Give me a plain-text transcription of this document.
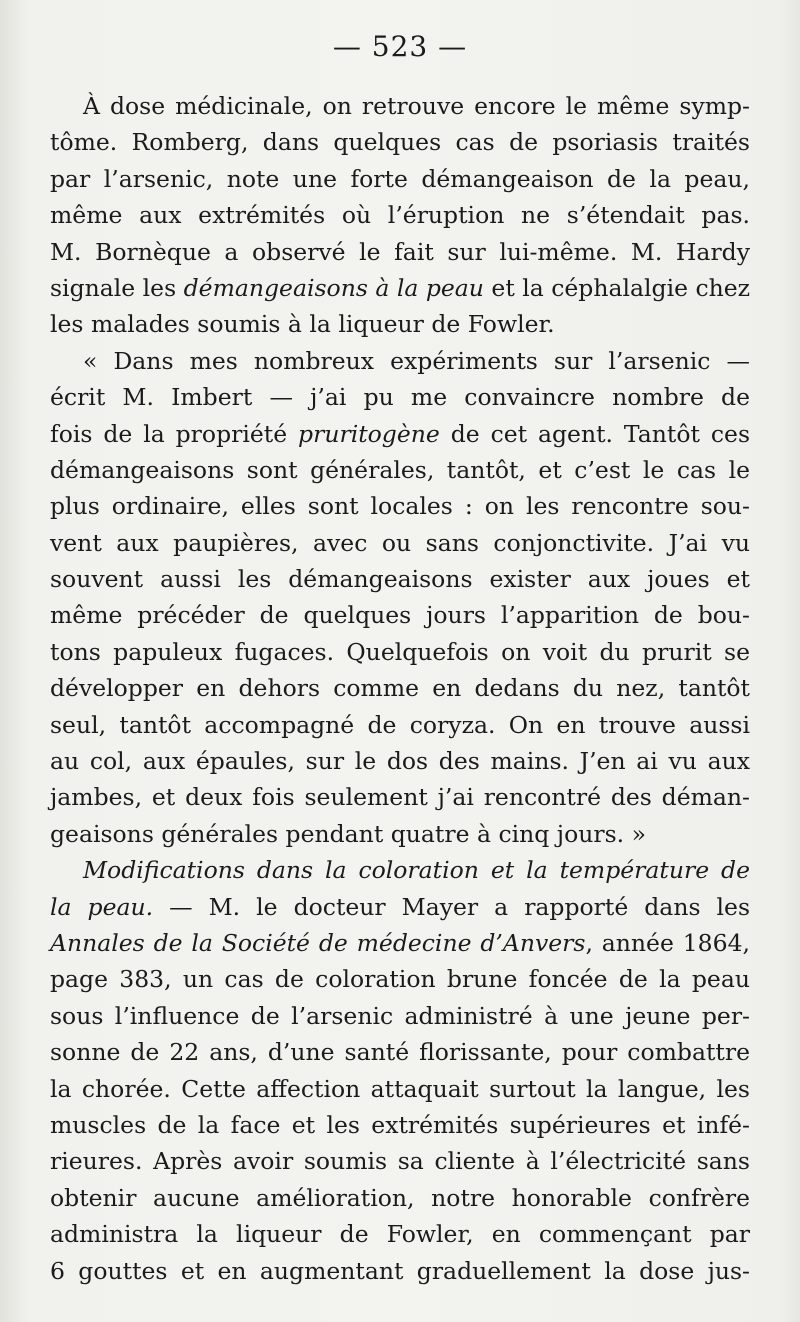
— 523 —
À dose médicinale, on retrouve encore le même symp-
tôme. Romberg, dans quelques cas de psoriasis traités
par l’arsenic, note une forte démangeaison de la peau,
même aux extrémités où l’éruption ne s’étendait pas.
M. Bornèque a observé le fait sur lui-même. M. Hardy
signale les démangeaisons à la peau et la céphalalgie chez
les malades soumis à la liqueur de Fowler.
« Dans mes nombreux expériments sur l’arsenic —
écrit M. Imbert — j’ai pu me convaincre nombre de
fois de la propriété pruritogène de cet agent. Tantôt ces
démangeaisons sont générales, tantôt, et c’est le cas le
plus ordinaire, elles sont locales : on les rencontre sou-
vent aux paupières, avec ou sans conjonctivite. J’ai vu
souvent aussi les démangeaisons exister aux joues et
même précéder de quelques jours l’apparition de bou-
tons papuleux fugaces. Quelquefois on voit du prurit se
développer en dehors comme en dedans du nez, tantôt
seul, tantôt accompagné de coryza. On en trouve aussi
au col, aux épaules, sur le dos des mains. J’en ai vu aux
jambes, et deux fois seulement j’ai rencontré des déman-
geaisons générales pendant quatre à cinq jours. »
Modifications dans la coloration et la température de
la peau. — M. le docteur Mayer a rapporté dans les
Annales de la Société de médecine d’Anvers, année 1864,
page 383, un cas de coloration brune foncée de la peau
sous l’influence de l’arsenic administré à une jeune per-
sonne de 22 ans, d’une santé florissante, pour combattre
la chorée. Cette affection attaquait surtout la langue, les
muscles de la face et les extrémités supérieures et infé-
rieures. Après avoir soumis sa cliente à l’électricité sans
obtenir aucune amélioration, notre honorable confrère
administra la liqueur de Fowler, en commençant par
6 gouttes et en augmentant graduellement la dose jus-
